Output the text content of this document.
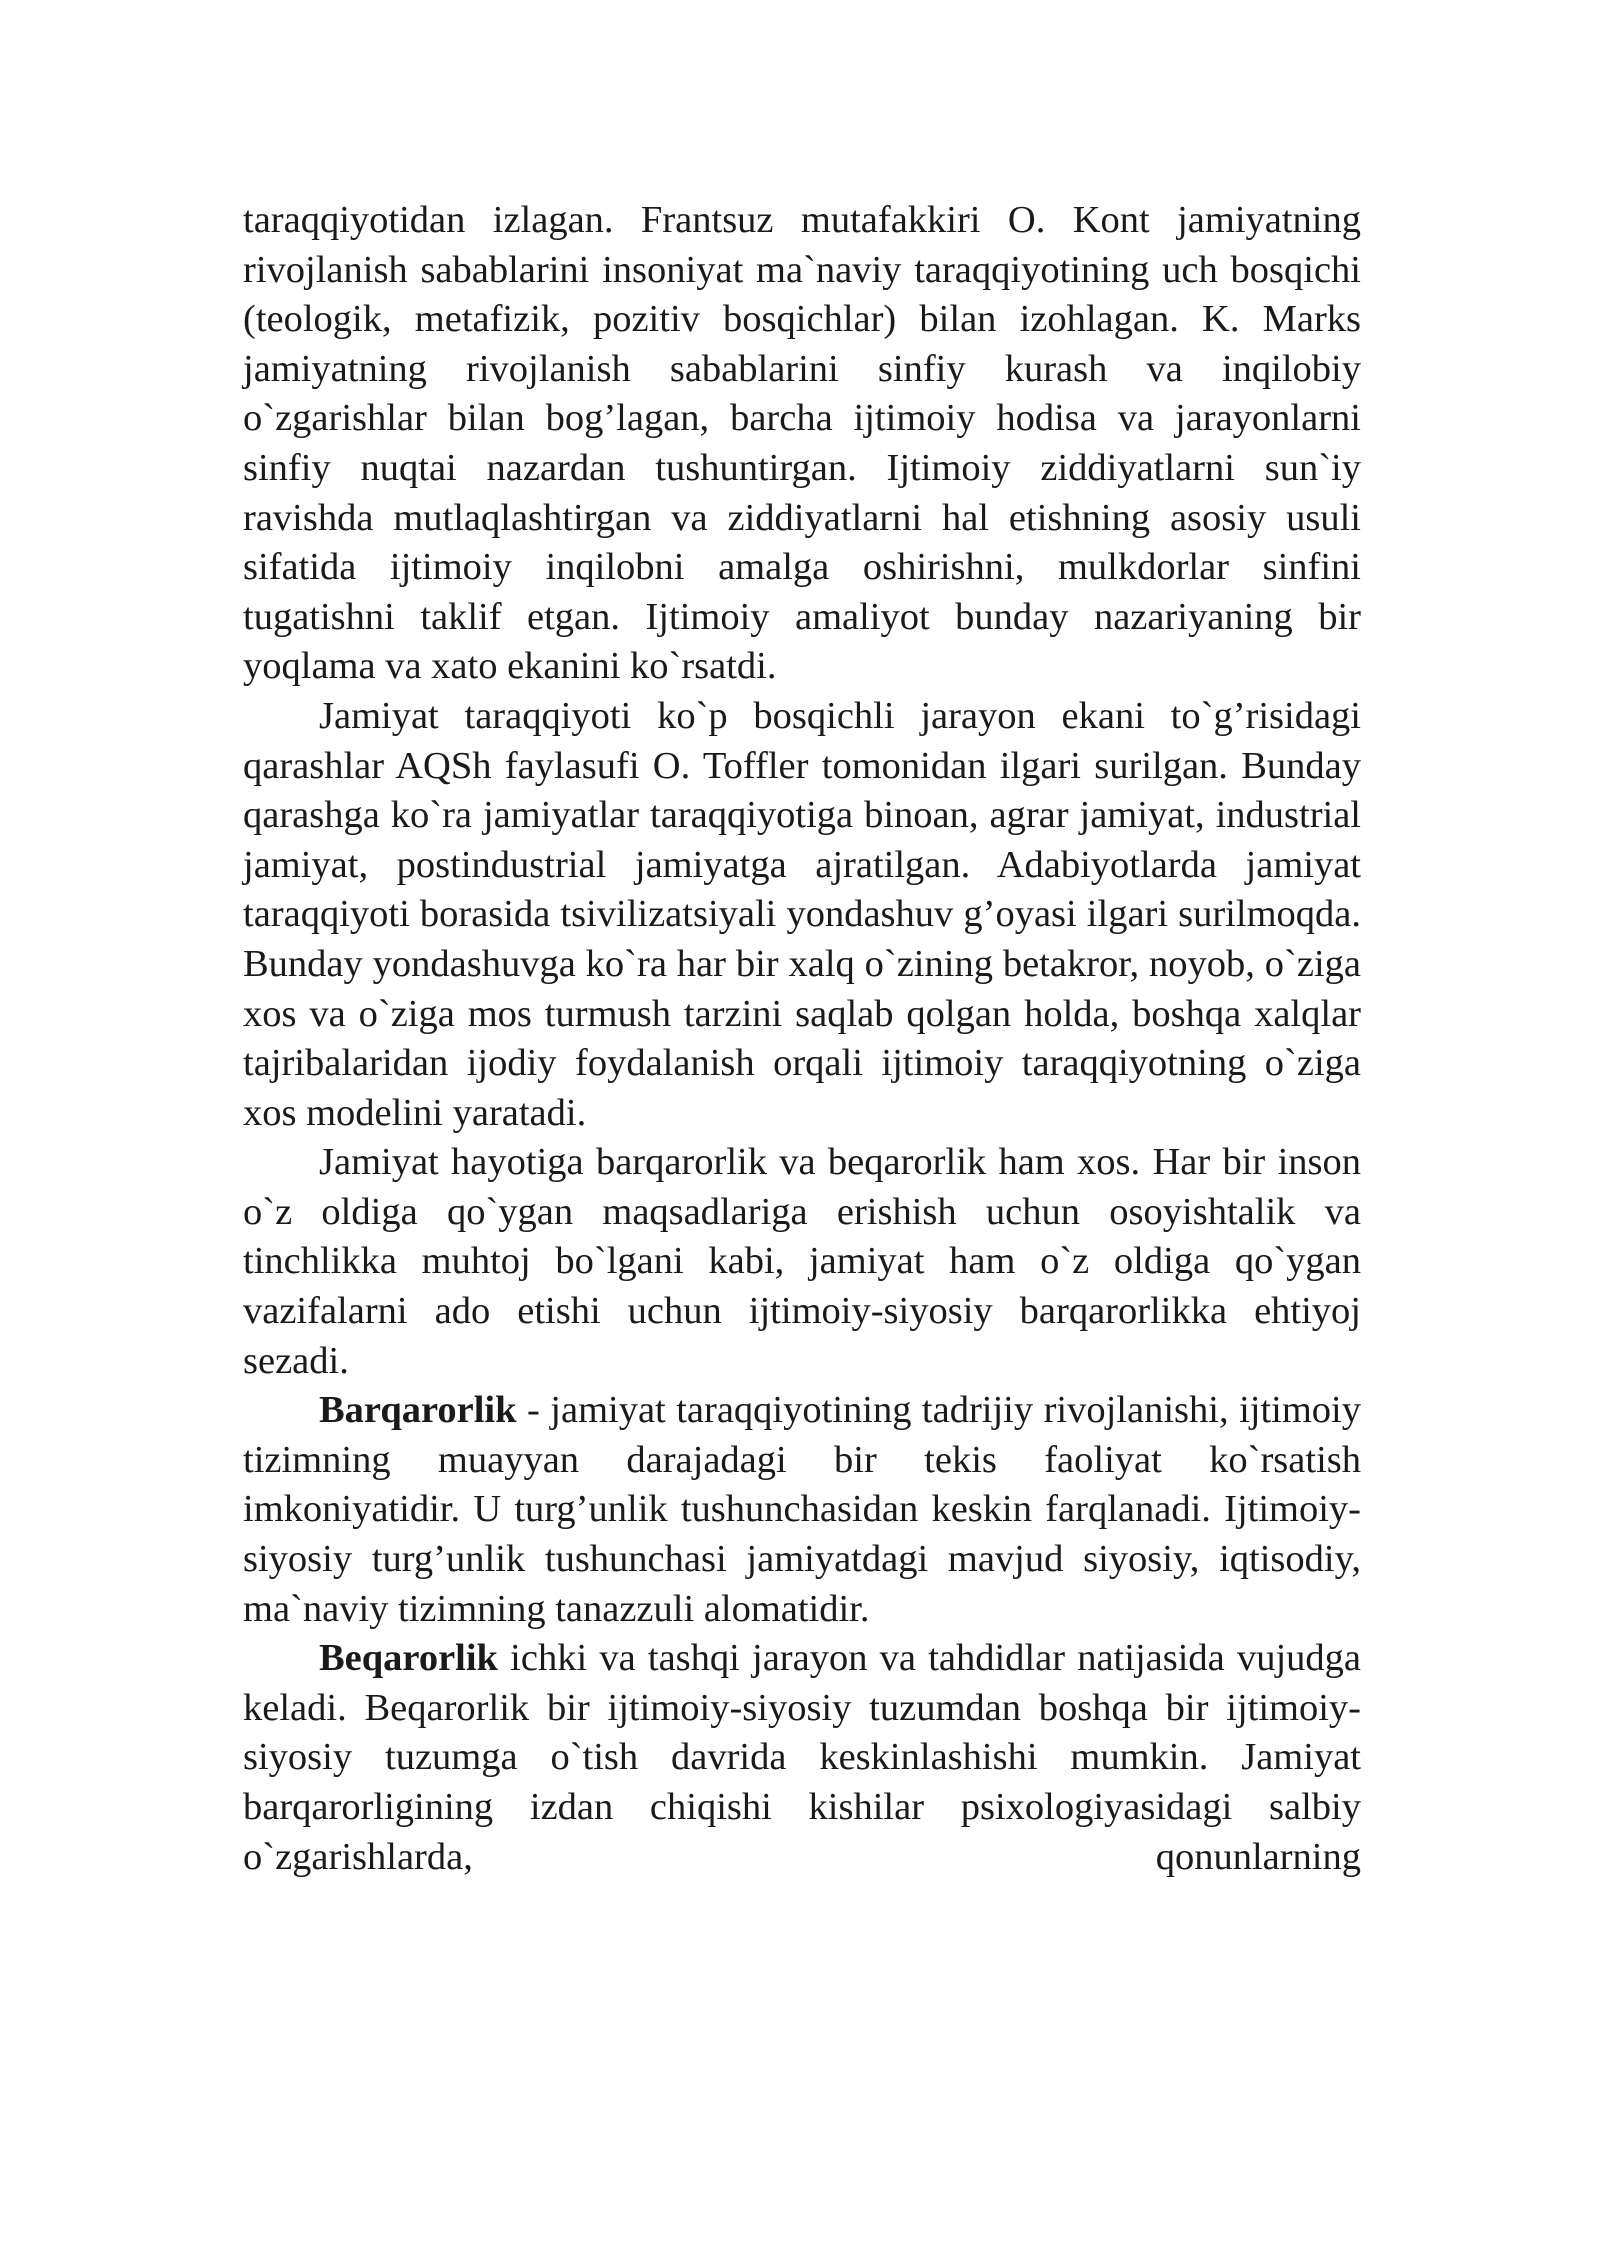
taraqqiyotidan izlagan. Frantsuz mutafakkiri O. Kont jamiyatning rivojlanish sabablarini insoniyat ma`naviy taraqqiyotining uch bosqichi (teologik, metafizik, pozitiv bosqichlar) bilan izohlagan. K. Marks jamiyatning rivojlanish sabablarini sinfiy kurash va inqilobiy o`zgarishlar bilan bog’lagan, barcha ijtimoiy hodisa va jarayonlarni sinfiy nuqtai nazardan tushuntirgan. Ijtimoiy ziddiyatlarni sun`iy ravishda mutlaqlashtirgan va ziddiyatlarni hal etishning asosiy usuli sifatida ijtimoiy inqilobni amalga oshirishni, mulkdorlar sinfini tugatishni taklif etgan. Ijtimoiy amaliyot bunday nazariyaning bir yoqlama va xato ekanini ko`rsatdi.

Jamiyat taraqqiyoti ko`p bosqichli jarayon ekani to`g’risidagi qarashlar AQSh faylasufi O. Toffler tomonidan ilgari surilgan. Bunday qarashga ko`ra jamiyatlar taraqqiyotiga binoan, agrar jamiyat, industrial jamiyat, postindustrial jamiyatga ajratilgan. Adabiyotlarda jamiyat taraqqiyoti borasida tsivilizatsiyali yondashuv g’oyasi ilgari surilmoqda. Bunday yondashuvga ko`ra har bir xalq o`zining betakror, noyob, o`ziga xos va o`ziga mos turmush tarzini saqlab qolgan holda, boshqa xalqlar tajribalaridan ijodiy foydalanish orqali ijtimoiy taraqqiyotning o`ziga xos modelini yaratadi.

Jamiyat hayotiga barqarorlik va beqarorlik ham xos. Har bir inson o`z oldiga qo`ygan maqsadlariga erishish uchun osoyishtalik va tinchlikka muhtoj bo`lgani kabi, jamiyat ham o`z oldiga qo`ygan vazifalarni ado etishi uchun ijtimoiy-siyosiy barqarorlikka ehtiyoj sezadi.

Barqarorlik - jamiyat taraqqiyotining tadrijiy rivojlanishi, ijtimoiy tizimning muayyan darajadagi bir tekis faoliyat ko`rsatish imkoniyatidir. U turg’unlik tushunchasidan keskin farqlanadi. Ijtimoiy-siyosiy turg’unlik tushunchasi jamiyatdagi mavjud siyosiy, iqtisodiy, ma`naviy tizimning tanazzuli alomatidir.

Beqarorlik ichki va tashqi jarayon va tahdidlar natijasida vujudga keladi. Beqarorlik bir ijtimoiy-siyosiy tuzumdan boshqa bir ijtimoiy-siyosiy tuzumga o`tish davrida keskinlashishi mumkin. Jamiyat barqarorligining izdan chiqishi kishilar psixologiyasidagi salbiy o`zgarishlarda, qonunlarning
